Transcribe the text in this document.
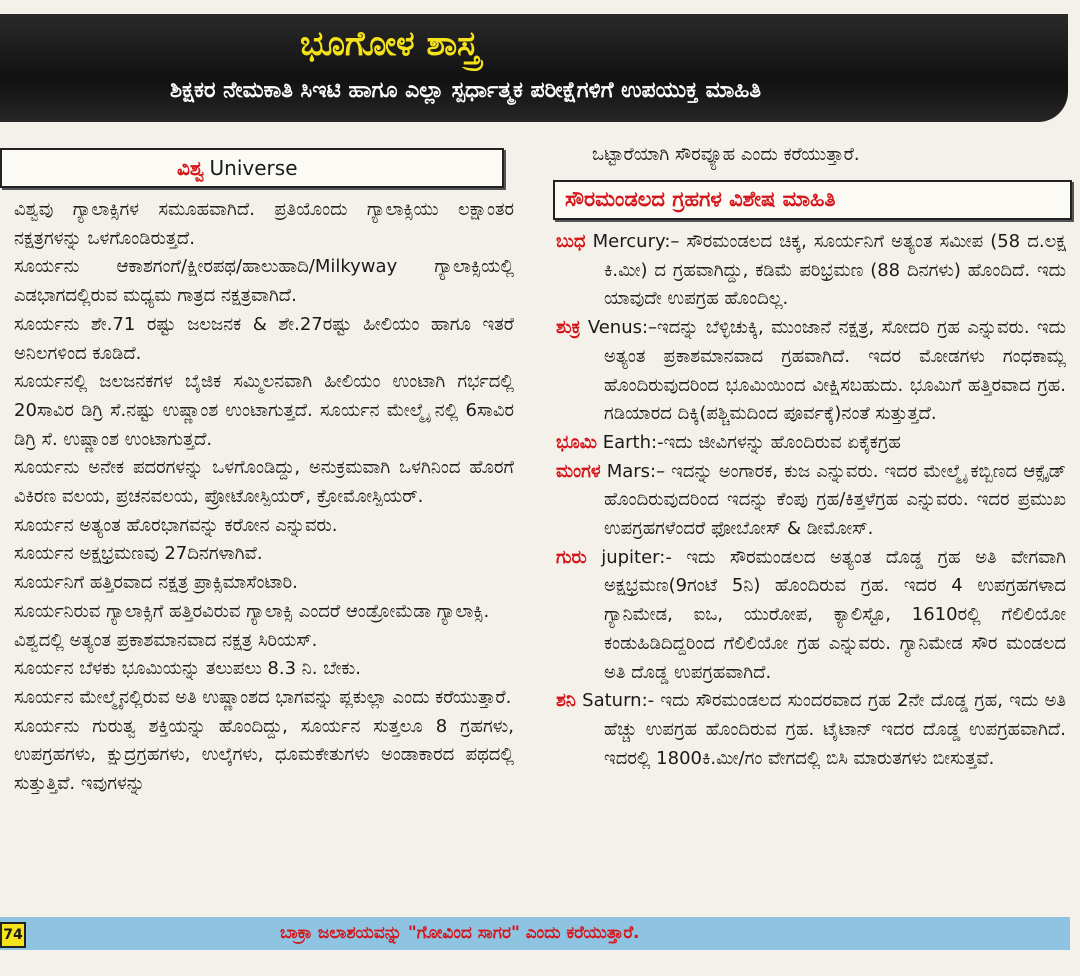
ಭೂಗೋಳ ಶಾಸ್ತ್ರ
ಶಿಕ್ಷಕರ ನೇಮಕಾತಿ ಸಿಇಟಿ ಹಾಗೂ ಎಲ್ಲಾ ಸ್ಪರ್ಧಾತ್ಮಕ ಪರೀಕ್ಷೆಗಳಿಗೆ ಉಪಯುಕ್ತ ಮಾಹಿತಿ
ವಿಶ್ವ Universe

ವಿಶ್ವವು ಗ್ಯಾಲಾಕ್ಸಿಗಳ ಸಮೂಹವಾಗಿದೆ. ಪ್ರತಿಯೊಂದು ಗ್ಯಾಲಾಕ್ಸಿಯು ಲಕ್ಷಾಂತರ ನಕ್ಷತ್ರಗಳನ್ನು ಒಳಗೊಂಡಿರುತ್ತದೆ.

ಸೂರ್ಯನು ಆಕಾಶಗಂಗೆ/ಕ್ಷೀರಪಥ/ಹಾಲುಹಾದಿ/Milkyway ಗ್ಯಾಲಾಕ್ಸಿಯಲ್ಲಿ ಎಡಭಾಗದಲ್ಲಿರುವ ಮಧ್ಯಮ ಗಾತ್ರದ ನಕ್ಷತ್ರವಾಗಿದೆ.

ಸೂರ್ಯನು ಶೇ.71 ರಷ್ಟು ಜಲಜನಕ & ಶೇ.27ರಷ್ಟು ಹೀಲಿಯಂ ಹಾಗೂ ಇತರೆ ಅನಿಲಗಳಿಂದ ಕೂಡಿದೆ.

ಸೂರ್ಯನಲ್ಲಿ ಜಲಜನಕಗಳ ಬೈಜಿಕ ಸಮ್ಮಿಲನವಾಗಿ ಹೀಲಿಯಂ ಉಂಟಾಗಿ ಗರ್ಭದಲ್ಲಿ 20ಸಾವಿರ ಡಿಗ್ರಿ ಸೆ.ನಷ್ಟು ಉಷ್ಣಾಂಶ ಉಂಟಾಗುತ್ತದೆ. ಸೂರ್ಯನ ಮೇಲ್ಮೈ ನಲ್ಲಿ 6ಸಾವಿರ ಡಿಗ್ರಿ ಸೆ. ಉಷ್ಣಾಂಶ ಉಂಟಾಗುತ್ತದೆ.

ಸೂರ್ಯನು ಅನೇಕ ಪದರಗಳನ್ನು ಒಳಗೊಂಡಿದ್ದು, ಅನುಕ್ರಮವಾಗಿ ಒಳಗಿನಿಂದ ಹೊರಗೆ ವಿಕಿರಣ ವಲಯ, ಪ್ರಚನವಲಯ, ಪ್ರೋಟೋಸ್ಪಿಯರ್, ಕ್ರೋಮೋಸ್ಪಿಯರ್.

ಸೂರ್ಯನ ಅತ್ಯಂತ ಹೊರಭಾಗವನ್ನು ಕರೋನ ಎನ್ನುವರು.

ಸೂರ್ಯನ ಅಕ್ಷಭ್ರಮಣವು 27ದಿನಗಳಾಗಿವೆ.

ಸೂರ್ಯನಿಗೆ ಹತ್ತಿರವಾದ ನಕ್ಷತ್ರ ಪ್ರಾಕ್ಸಿಮಾಸೆಂಟಾರಿ.

ಸೂರ್ಯನಿರುವ ಗ್ಯಾಲಾಕ್ಸಿಗೆ ಹತ್ತಿರವಿರುವ ಗ್ಯಾಲಾಕ್ಸಿ ಎಂದರೆ ಆಂಡ್ರೋಮೆಡಾ ಗ್ಯಾಲಾಕ್ಸಿ.

ವಿಶ್ವದಲ್ಲಿ ಅತ್ಯಂತ ಪ್ರಕಾಶಮಾನವಾದ ನಕ್ಷತ್ರ ಸಿರಿಯಸ್.

ಸೂರ್ಯನ ಬೆಳಕು ಭೂಮಿಯನ್ನು ತಲುಪಲು 8.3 ನಿ. ಬೇಕು.

ಸೂರ್ಯನ ಮೇಲ್ಮೈನಲ್ಲಿರುವ ಅತಿ ಉಷ್ಣಾಂಶದ ಭಾಗವನ್ನು ಪ್ಲಕುಲ್ಲಾ ಎಂದು ಕರೆಯುತ್ತಾರೆ.

ಸೂರ್ಯನು ಗುರುತ್ವ ಶಕ್ತಿಯನ್ನು ಹೊಂದಿದ್ದು, ಸೂರ್ಯನ ಸುತ್ತಲೂ 8 ಗ್ರಹಗಳು, ಉಪಗ್ರಹಗಳು, ಕ್ಷುದ್ರಗ್ರಹಗಳು, ಉಲ್ಕೆಗಳು, ಧೂಮಕೇತುಗಳು ಅಂಡಾಕಾರದ ಪಥದಲ್ಲಿ ಸುತ್ತುತ್ತಿವೆ. ಇವುಗಳನ್ನು

ಒಟ್ಟಾರೆಯಾಗಿ ಸೌರವ್ಯೂಹ ಎಂದು ಕರೆಯುತ್ತಾರೆ.

ಸೌರಮಂಡಲದ ಗ್ರಹಗಳ ವಿಶೇಷ ಮಾಹಿತಿ

ಬುಧ Mercury:– ಸೌರಮಂಡಲದ ಚಿಕ್ಕ, ಸೂರ್ಯನಿಗೆ ಅತ್ಯಂತ ಸಮೀಪ (58 ದ.ಲಕ್ಷ ಕಿ.ಮೀ) ದ ಗ್ರಹವಾಗಿದ್ದು, ಕಡಿಮೆ ಪರಿಭ್ರಮಣ (88 ದಿನಗಳು) ಹೊಂದಿದೆ. ಇದು ಯಾವುದೇ ಉಪಗ್ರಹ ಹೊಂದಿಲ್ಲ.

ಶುಕ್ರ Venus:–ಇದನ್ನು ಬೆಳ್ಳಿಚುಕ್ಕಿ, ಮುಂಜಾನೆ ನಕ್ಷತ್ರ, ಸೋದರಿ ಗ್ರಹ ಎನ್ನುವರು. ಇದು ಅತ್ಯಂತ ಪ್ರಕಾಶಮಾನವಾದ ಗ್ರಹವಾಗಿದೆ. ಇದರ ಮೋಡಗಳು ಗಂಧಕಾಮ್ಲ ಹೊಂದಿರುವುದರಿಂದ ಭೂಮಿಯಿಂದ ವೀಕ್ಷಿಸಬಹುದು. ಭೂಮಿಗೆ ಹತ್ತಿರವಾದ ಗ್ರಹ. ಗಡಿಯಾರದ ದಿಕ್ಕಿ(ಪಶ್ಚಿಮದಿಂದ ಪೂರ್ವಕ್ಕೆ)ನಂತೆ ಸುತ್ತುತ್ತದೆ.

ಭೂಮಿ Earth:-ಇದು ಜೀವಿಗಳನ್ನು ಹೊಂದಿರುವ ಏಕೈಕಗ್ರಹ

ಮಂಗಳ Mars:– ಇದನ್ನು ಅಂಗಾರಕ, ಕುಜ ಎನ್ನುವರು. ಇದರ ಮೇಲ್ಮೈ ಕಬ್ಬಿಣದ ಆಕ್ಸೈಡ್ ಹೊಂದಿರುವುದರಿಂದ ಇದನ್ನು ಕೆಂಪು ಗ್ರಹ/ಕಿತ್ತಳೆಗ್ರಹ ಎನ್ನುವರು. ಇದರ ಪ್ರಮುಖ ಉಪಗ್ರಹಗಳೆಂದರೆ ಫೋಬೋಸ್ & ಡೀಮೋಸ್.

ಗುರು jupiter:- ಇದು ಸೌರಮಂಡಲದ ಅತ್ಯಂತ ದೊಡ್ಡ ಗ್ರಹ ಅತಿ ವೇಗವಾಗಿ ಅಕ್ಷಭ್ರಮಣ(9ಗಂಟೆ 5ನಿ) ಹೊಂದಿರುವ ಗ್ರಹ. ಇದರ 4 ಉಪಗ್ರಹಗಳಾದ ಗ್ಯಾನಿಮೇಡ, ಐಒ, ಯುರೋಪ, ಕ್ಯಾಲಿಸ್ಟೊ, 1610ರಲ್ಲಿ ಗೆಲಿಲಿಯೋ ಕಂಡುಹಿಡಿದಿದ್ದರಿಂದ ಗೆಲಿಲಿಯೋ ಗ್ರಹ ಎನ್ನುವರು. ಗ್ಯಾನಿಮೇಡ ಸೌರ ಮಂಡಲದ ಅತಿ ದೊಡ್ಡ ಉಪಗ್ರಹವಾಗಿದೆ.

ಶನಿ Saturn:- ಇದು ಸೌರಮಂಡಲದ ಸುಂದರವಾದ ಗ್ರಹ 2ನೇ ದೊಡ್ಡ ಗ್ರಹ, ಇದು ಅತಿ ಹೆಚ್ಚು ಉಪಗ್ರಹ ಹೊಂದಿರುವ ಗ್ರಹ. ಟೈಟಾನ್ ಇದರ ದೊಡ್ಡ ಉಪಗ್ರಹವಾಗಿದೆ. ಇದರಲ್ಲಿ 1800ಕಿ.ಮೀ/ಗಂ ವೇಗದಲ್ಲಿ ಬಿಸಿ ಮಾರುತಗಳು ಬೀಸುತ್ತವೆ.

74	ಬಾಕ್ರಾ ಜಲಾಶಯವನ್ನು "ಗೋವಿಂದ ಸಾಗರ" ಎಂದು ಕರೆಯುತ್ತಾರೆ.
